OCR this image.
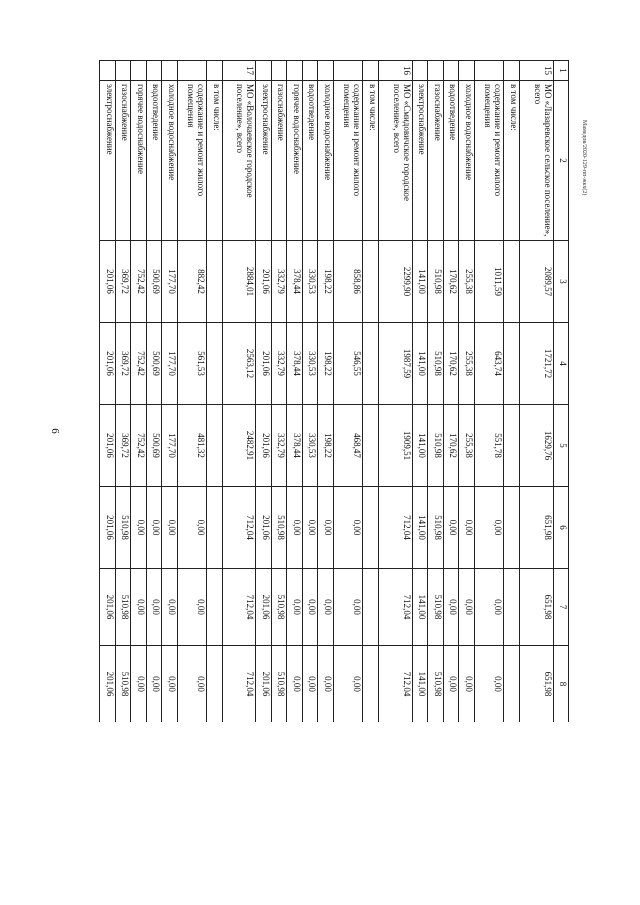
6
Мамедов/2020-129-пп-жкх(2)
1	2	3	4	5	6	7	8
15	МО «Лазаревское сельское поселение», всего	2089,57	1721,72	1629,76	651,98	651,98	651,98
	в том числе:						
	содержание и ремонт жилого помещения	1011,59	643,74	551,78	0,00	0,00	0,00
	холодное водоснабжение	255,38	255,38	255,38	0,00	0,00	0,00
	водоотведение	170,62	170,62	170,62	0,00	0,00	0,00
	газоснабжение	510,98	510,98	510,98	510,98	510,98	510,98
	электроснабжение	141,00	141,00	141,00	141,00	141,00	141,00
16	МО «Смидовичское городское поселение», всего	2299,90	1987,59	1909,51	712,04	712,04	712,04
	в том числе:						
	содержание и ремонт жилого помещения	858,86	546,55	468,47	0,00	0,00	0,00
	холодное водоснабжение	198,22	198,22	198,22	0,00	0,00	0,00
	водоотведение	330,53	330,53	330,53	0,00	0,00	0,00
	горячее водоснабжение	378,44	378,44	378,44	0,00	0,00	0,00
	газоснабжение	332,79	332,79	332,79	510,98	510,98	510,98
	электроснабжение	201,06	201,06	201,06	201,06	201,06	201,06
17	МО «Волочаевское городское поселение», всего	2884,01	2563,12	2482,91	712,04	712,04	712,04
	в том числе:						
	содержание и ремонт жилого помещения	882,42	561,53	481,32	0,00	0,00	0,00
	холодное водоснабжение	177,70	177,70	177,70	0,00	0,00	0,00
	водоотведение	500,69	500,69	500,69	0,00	0,00	0,00
	горячее водоснабжение	752,42	752,42	752,42	0,00	0,00	0,00
	газоснабжение	369,72	369,72	369,72	510,98	510,98	510,98
	электроснабжение	201,06	201,06	201,06	201,06	201,06	201,06
